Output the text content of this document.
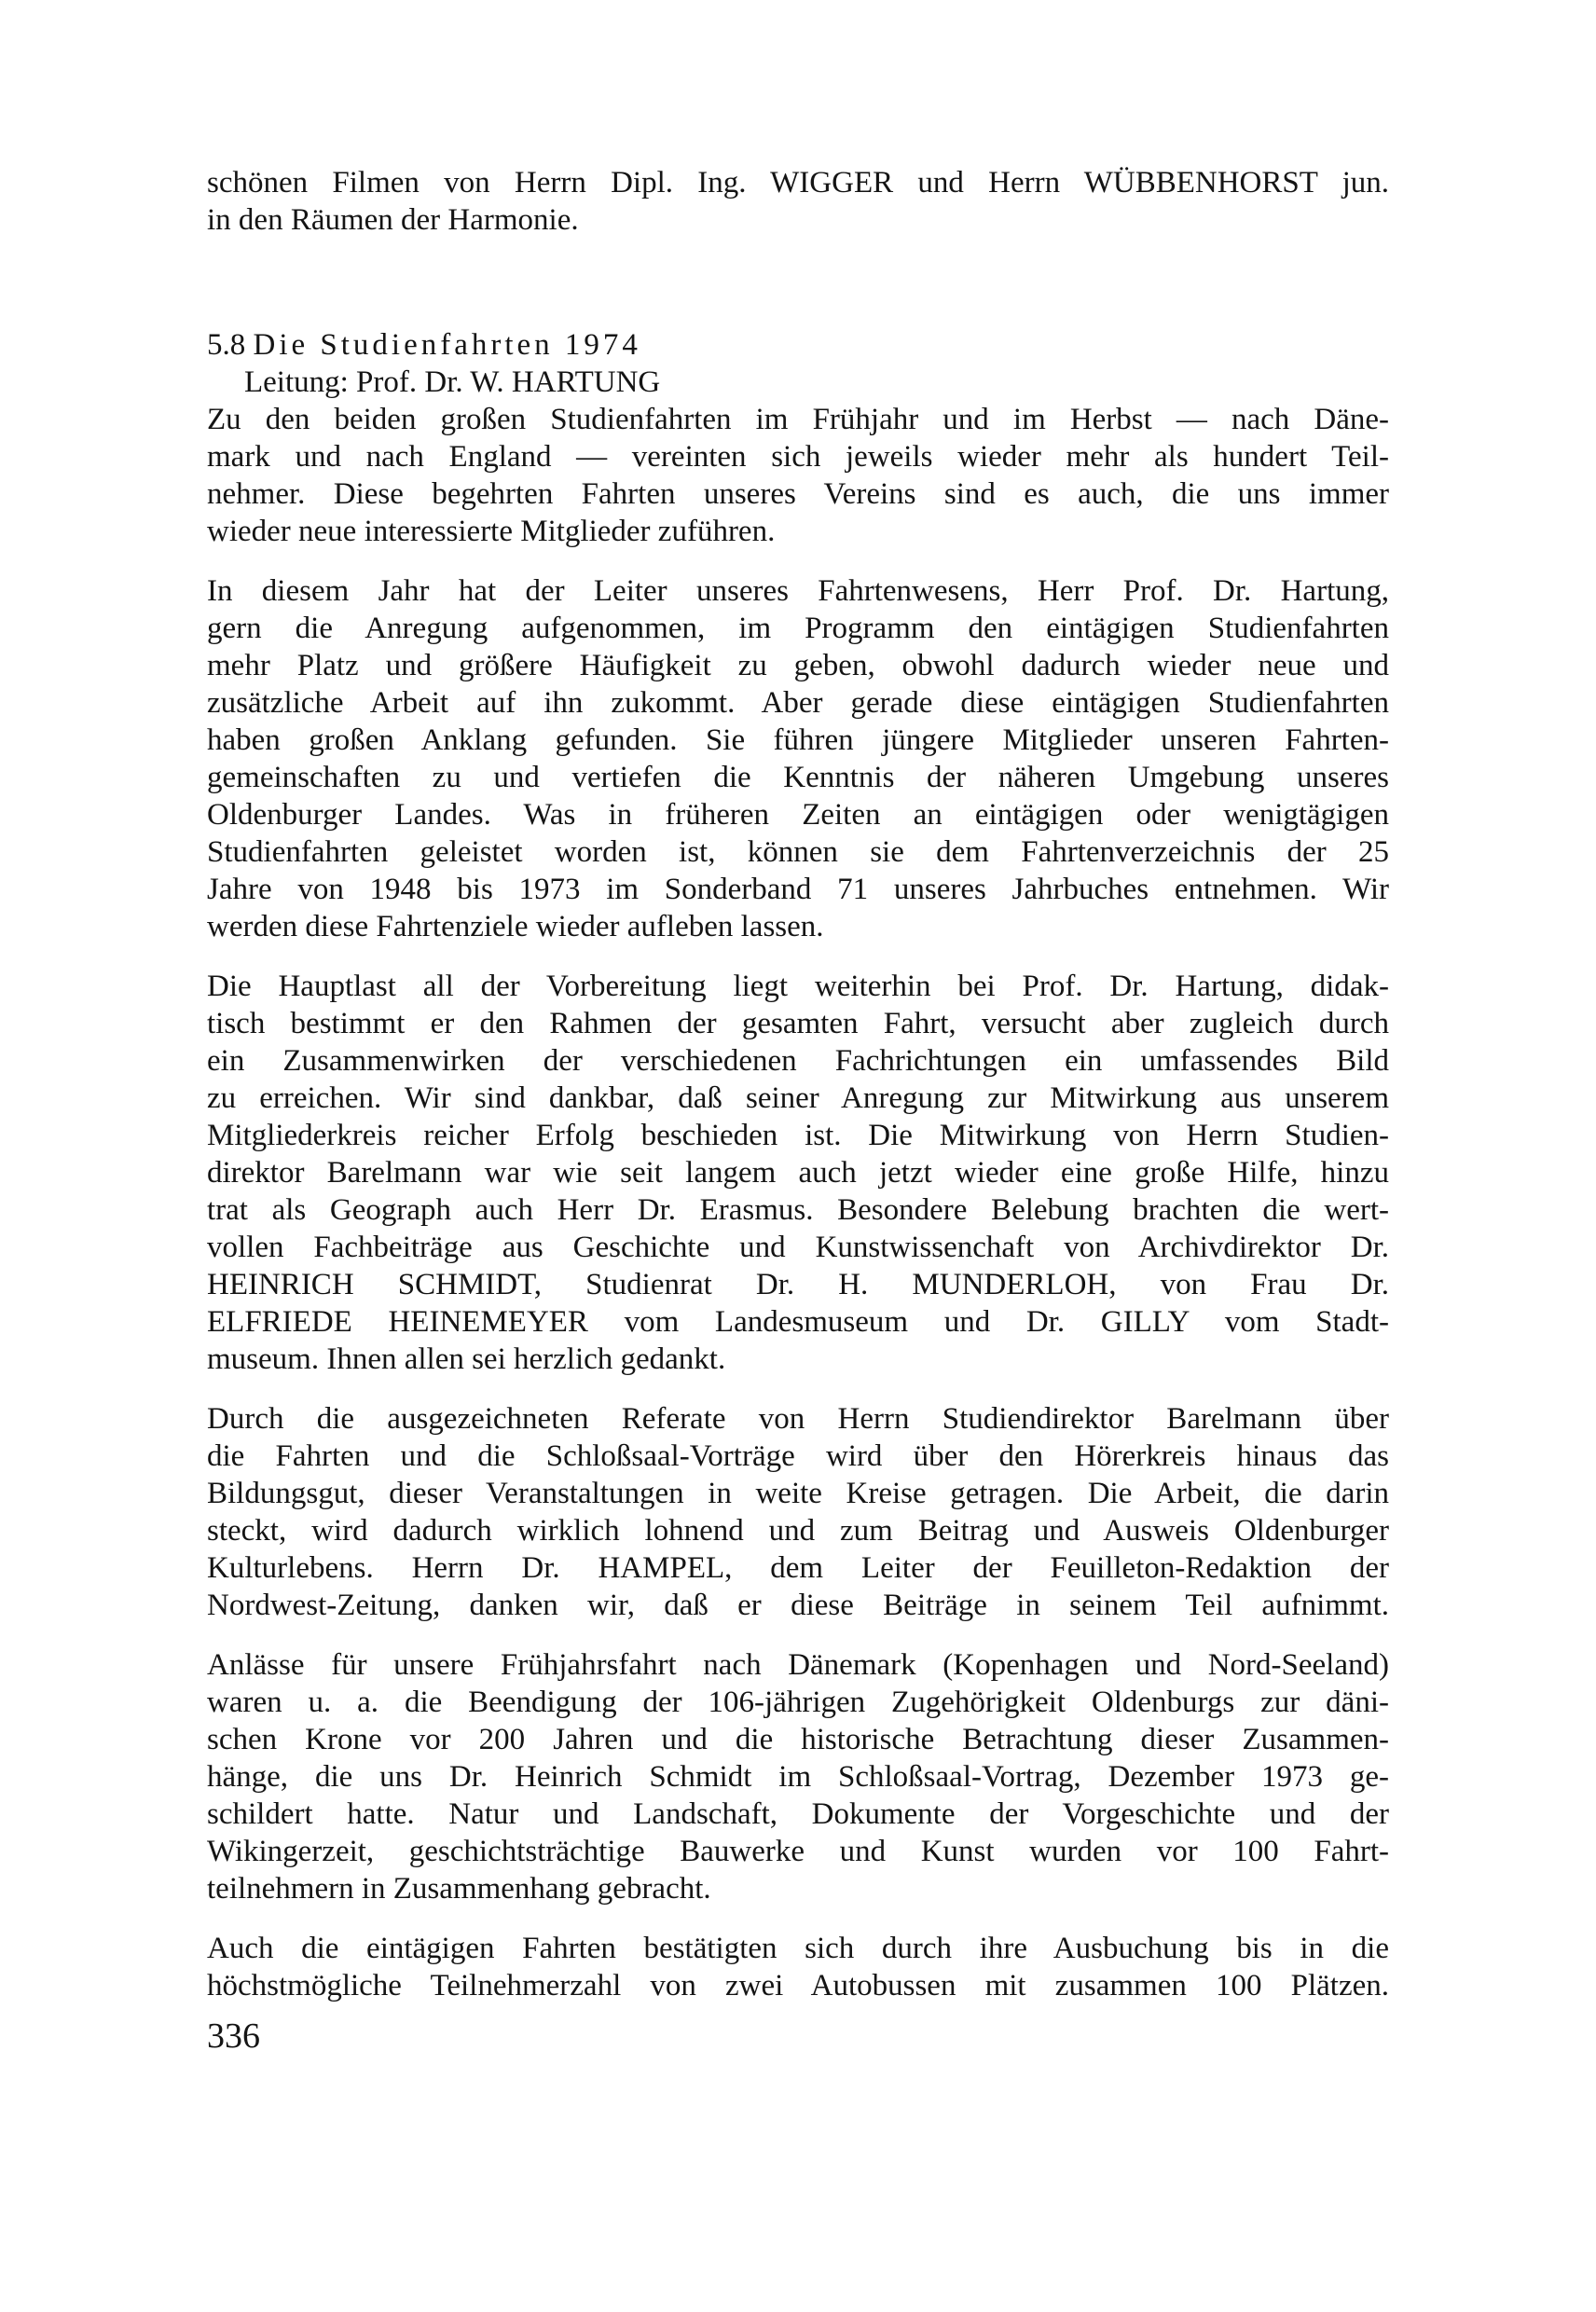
schönen Filmen von Herrn Dipl. Ing. WIGGER und Herrn WÜBBENHORST jun.
in den Räumen der Harmonie.
5.8 Die Studienfahrten 1974
Leitung: Prof. Dr. W. HARTUNG
Zu den beiden großen Studienfahrten im Frühjahr und im Herbst — nach Däne-
mark und nach England — vereinten sich jeweils wieder mehr als hundert Teil-
nehmer. Diese begehrten Fahrten unseres Vereins sind es auch, die uns immer
wieder neue interessierte Mitglieder zuführen.
In diesem Jahr hat der Leiter unseres Fahrtenwesens, Herr Prof. Dr. Hartung,
gern die Anregung aufgenommen, im Programm den eintägigen Studienfahrten
mehr Platz und größere Häufigkeit zu geben, obwohl dadurch wieder neue und
zusätzliche Arbeit auf ihn zukommt. Aber gerade diese eintägigen Studienfahrten
haben großen Anklang gefunden. Sie führen jüngere Mitglieder unseren Fahrten-
gemeinschaften zu und vertiefen die Kenntnis der näheren Umgebung unseres
Oldenburger Landes. Was in früheren Zeiten an eintägigen oder wenigtägigen
Studienfahrten geleistet worden ist, können sie dem Fahrtenverzeichnis der 25
Jahre von 1948 bis 1973 im Sonderband 71 unseres Jahrbuches entnehmen. Wir
werden diese Fahrtenziele wieder aufleben lassen.
Die Hauptlast all der Vorbereitung liegt weiterhin bei Prof. Dr. Hartung, didak-
tisch bestimmt er den Rahmen der gesamten Fahrt, versucht aber zugleich durch
ein Zusammenwirken der verschiedenen Fachrichtungen ein umfassendes Bild
zu erreichen. Wir sind dankbar, daß seiner Anregung zur Mitwirkung aus unserem
Mitgliederkreis reicher Erfolg beschieden ist. Die Mitwirkung von Herrn Studien-
direktor Barelmann war wie seit langem auch jetzt wieder eine große Hilfe, hinzu
trat als Geograph auch Herr Dr. Erasmus. Besondere Belebung brachten die wert-
vollen Fachbeiträge aus Geschichte und Kunstwissenchaft von Archivdirektor Dr.
HEINRICH SCHMIDT, Studienrat Dr. H. MUNDERLOH, von Frau Dr.
ELFRIEDE HEINEMEYER vom Landesmuseum und Dr. GILLY vom Stadt-
museum. Ihnen allen sei herzlich gedankt.
Durch die ausgezeichneten Referate von Herrn Studiendirektor Barelmann über
die Fahrten und die Schloßsaal-Vorträge wird über den Hörerkreis hinaus das
Bildungsgut, dieser Veranstaltungen in weite Kreise getragen. Die Arbeit, die darin
steckt, wird dadurch wirklich lohnend und zum Beitrag und Ausweis Oldenburger
Kulturlebens. Herrn Dr. HAMPEL, dem Leiter der Feuilleton-Redaktion der
Nordwest-Zeitung, danken wir, daß er diese Beiträge in seinem Teil aufnimmt.
Anlässe für unsere Frühjahrsfahrt nach Dänemark (Kopenhagen und Nord-Seeland)
waren u. a. die Beendigung der 106-jährigen Zugehörigkeit Oldenburgs zur däni-
schen Krone vor 200 Jahren und die historische Betrachtung dieser Zusammen-
hänge, die uns Dr. Heinrich Schmidt im Schloßsaal-Vortrag, Dezember 1973 ge-
schildert hatte. Natur und Landschaft, Dokumente der Vorgeschichte und der
Wikingerzeit, geschichtsträchtige Bauwerke und Kunst wurden vor 100 Fahrt-
teilnehmern in Zusammenhang gebracht.
Auch die eintägigen Fahrten bestätigten sich durch ihre Ausbuchung bis in die
höchstmögliche Teilnehmerzahl von zwei Autobussen mit zusammen 100 Plätzen.
336
